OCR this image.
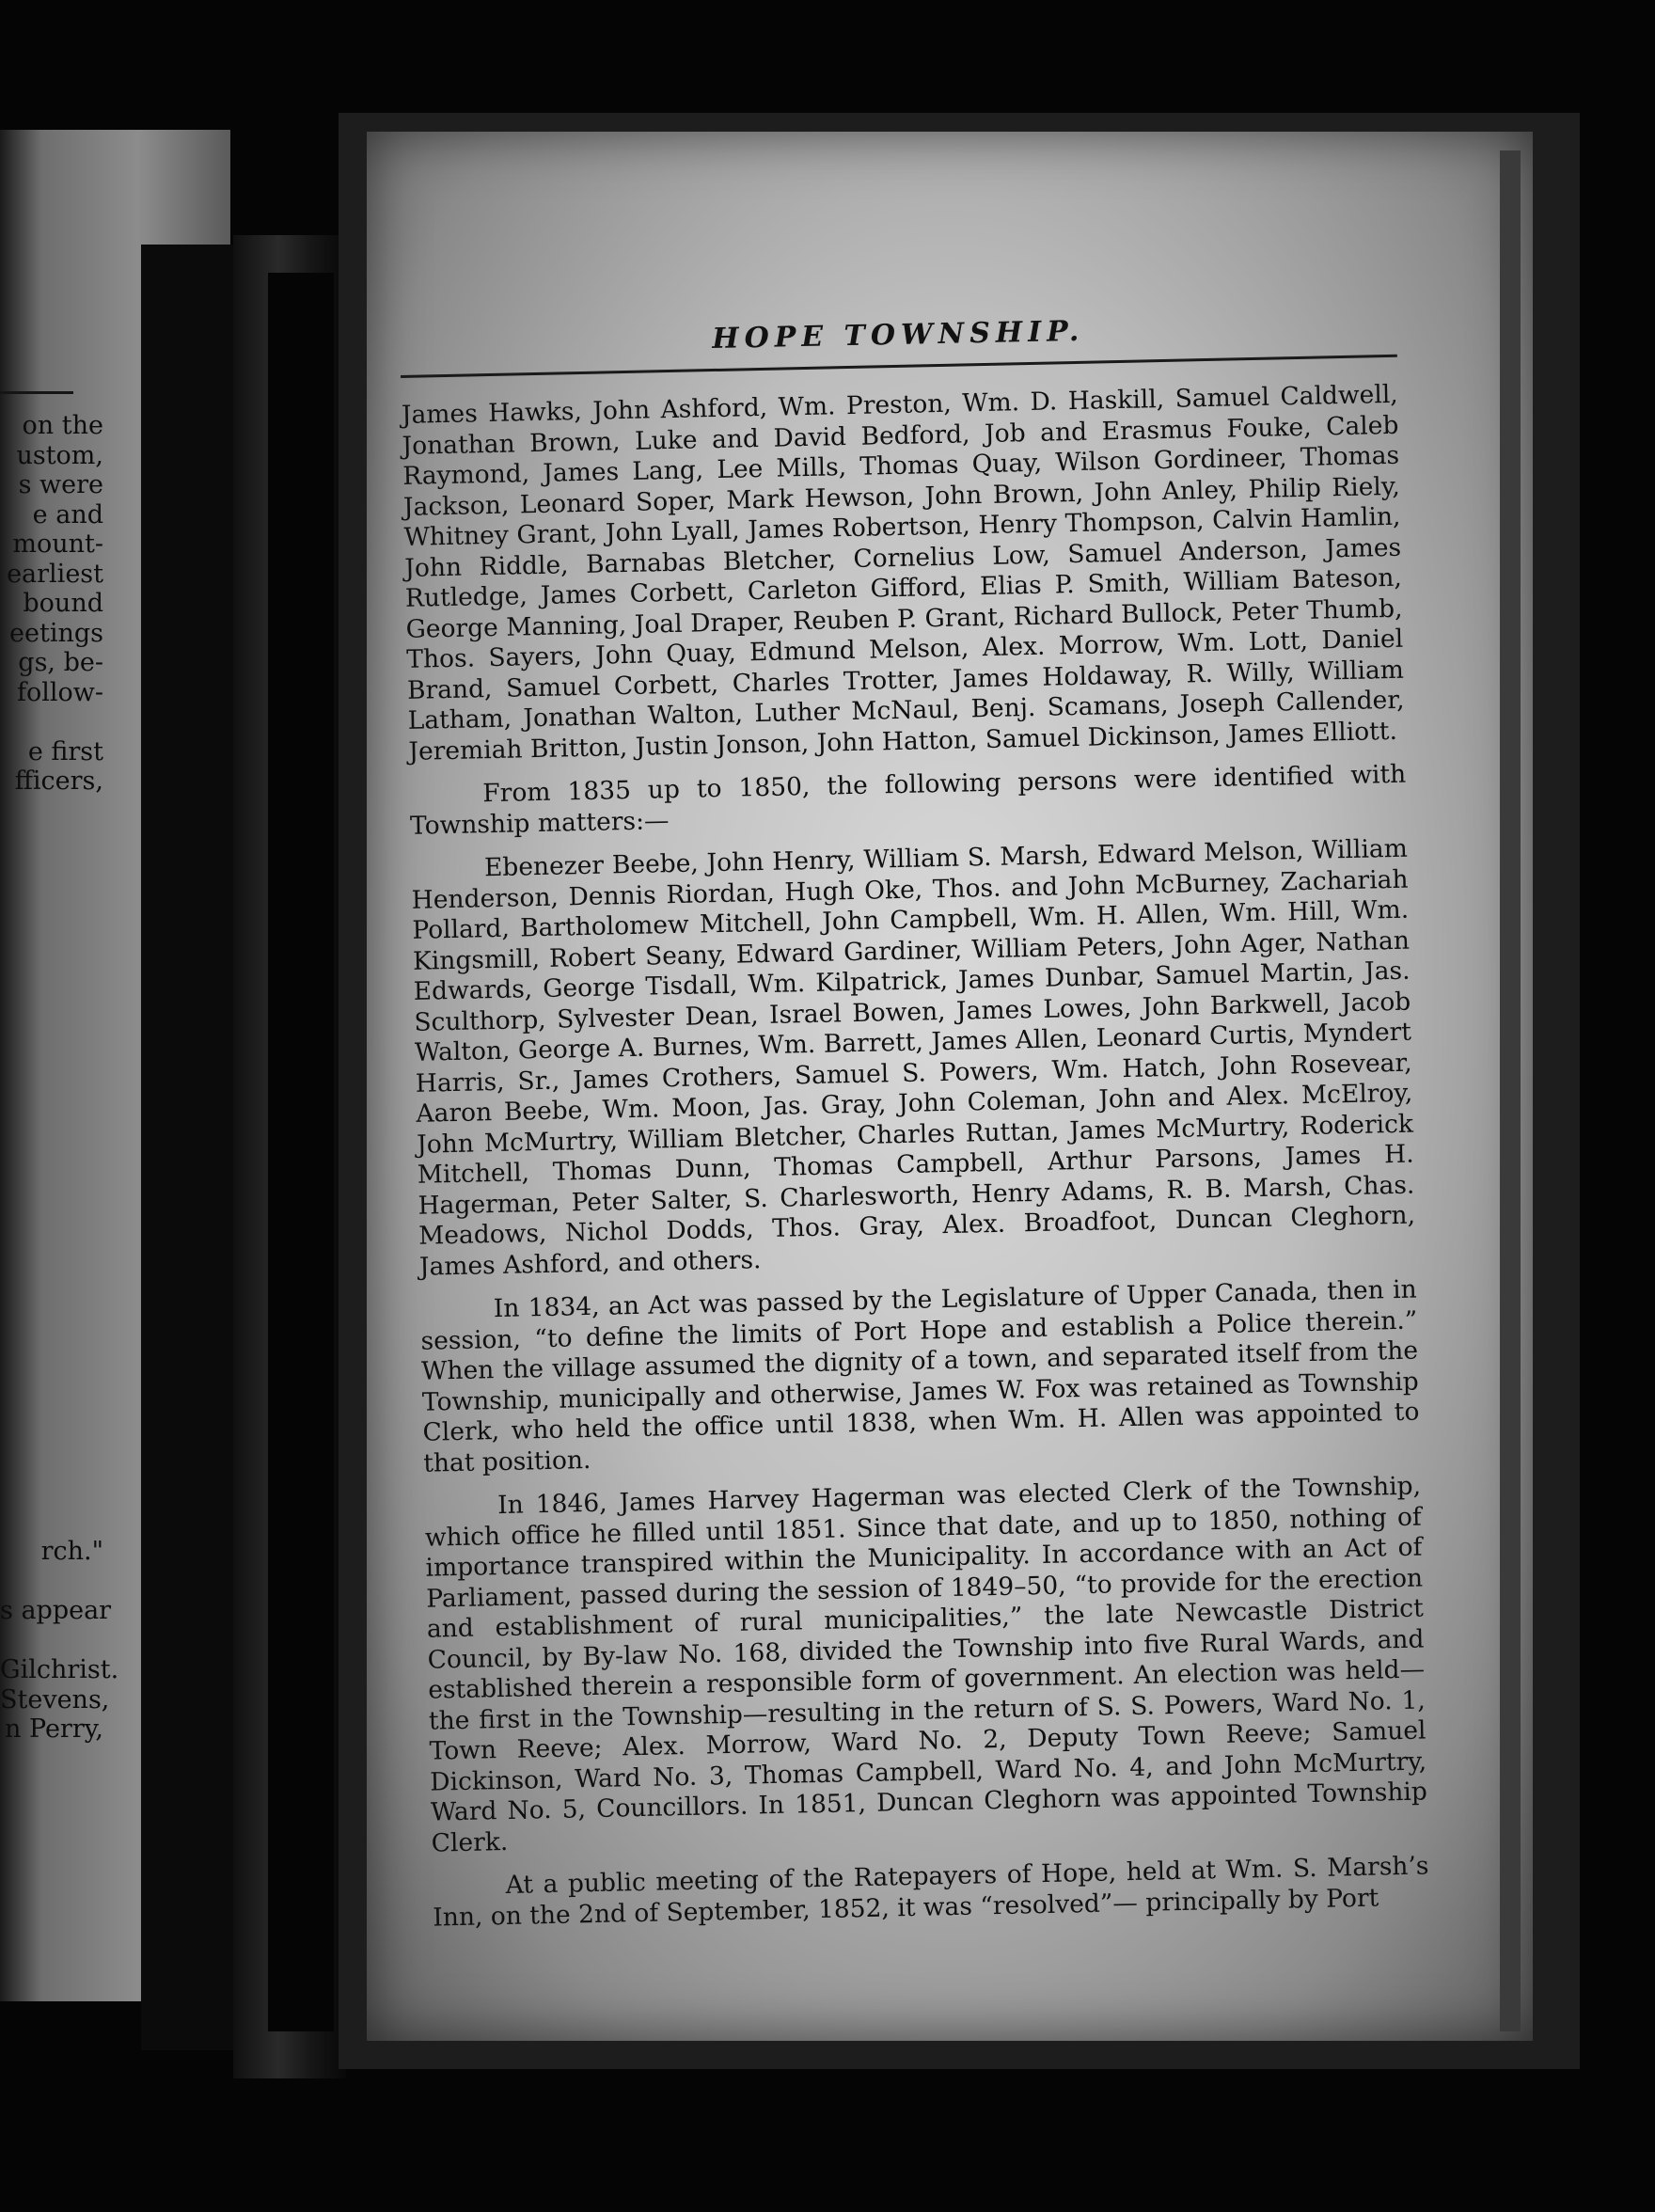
on the
ustom,
s were
e and
mount-
earliest
bound
eetings
gs, be-
follow-
e first
fficers,
rch."
s appear
Gilchrist.
Stevens,
n Perry,
HOPE TOWNSHIP.

James Hawks, John Ashford, Wm. Preston, Wm. D. Haskill, Samuel Caldwell, Jonathan Brown, Luke and David Bedford, Job and Erasmus Fouke, Caleb Raymond, James Lang, Lee Mills, Thomas Quay, Wilson Gordineer, Thomas Jackson, Leonard Soper, Mark Hewson, John Brown, John Anley, Philip Riely, Whitney Grant, John Lyall, James Robertson, Henry Thompson, Calvin Hamlin, John Riddle, Barnabas Bletcher, Cornelius Low, Samuel Anderson, James Rutledge, James Corbett, Carleton Gifford, Elias P. Smith, William Bateson, George Manning, Joal Draper, Reuben P. Grant, Richard Bullock, Peter Thumb, Thos. Sayers, John Quay, Edmund Melson, Alex. Morrow, Wm. Lott, Daniel Brand, Samuel Corbett, Charles Trotter, James Holdaway, R. Willy, William Latham, Jonathan Walton, Luther McNaul, Benj. Scamans, Joseph Callender, Jeremiah Britton, Justin Jonson, John Hatton, Samuel Dickinson, James Elliott.

From 1835 up to 1850, the following persons were identified with Township matters:—

Ebenezer Beebe, John Henry, William S. Marsh, Edward Melson, William Henderson, Dennis Riordan, Hugh Oke, Thos. and John McBurney, Zachariah Pollard, Bartholomew Mitchell, John Campbell, Wm. H. Allen, Wm. Hill, Wm. Kingsmill, Robert Seany, Edward Gardiner, William Peters, John Ager, Nathan Edwards, George Tisdall, Wm. Kilpatrick, James Dunbar, Samuel Martin, Jas. Sculthorp, Sylvester Dean, Israel Bowen, James Lowes, John Barkwell, Jacob Walton, George A. Burnes, Wm. Barrett, James Allen, Leonard Curtis, Myndert Harris, Sr., James Crothers, Samuel S. Powers, Wm. Hatch, John Rosevear, Aaron Beebe, Wm. Moon, Jas. Gray, John Coleman, John and Alex. McElroy, John McMurtry, William Bletcher, Charles Ruttan, James McMurtry, Roderick Mitchell, Thomas Dunn, Thomas Campbell, Arthur Parsons, James H. Hagerman, Peter Salter, S. Charlesworth, Henry Adams, R. B. Marsh, Chas. Meadows, Nichol Dodds, Thos. Gray, Alex. Broadfoot, Duncan Cleghorn, James Ashford, and others.

In 1834, an Act was passed by the Legislature of Upper Canada, then in session, “to define the limits of Port Hope and establish a Police therein.” When the village assumed the dignity of a town, and separated itself from the Township, municipally and otherwise, James W. Fox was retained as Township Clerk, who held the office until 1838, when Wm. H. Allen was appointed to that position.

In 1846, James Harvey Hagerman was elected Clerk of the Township, which office he filled until 1851. Since that date, and up to 1850, nothing of importance transpired within the Municipality. In accordance with an Act of Parliament, passed during the session of 1849–50, “to provide for the erection and establishment of rural municipalities,” the late Newcastle District Council, by By-law No. 168, divided the Township into five Rural Wards, and established therein a responsible form of government. An election was held—the first in the Township—resulting in the return of S. S. Powers, Ward No. 1, Town Reeve; Alex. Morrow, Ward No. 2, Deputy Town Reeve; Samuel Dickinson, Ward No. 3, Thomas Campbell, Ward No. 4, and John McMurtry, Ward No. 5, Councillors. In 1851, Duncan Cleghorn was appointed Township Clerk.

At a public meeting of the Ratepayers of Hope, held at Wm. S. Marsh’s Inn, on the 2nd of September, 1852, it was “resolved”— principally by Port
